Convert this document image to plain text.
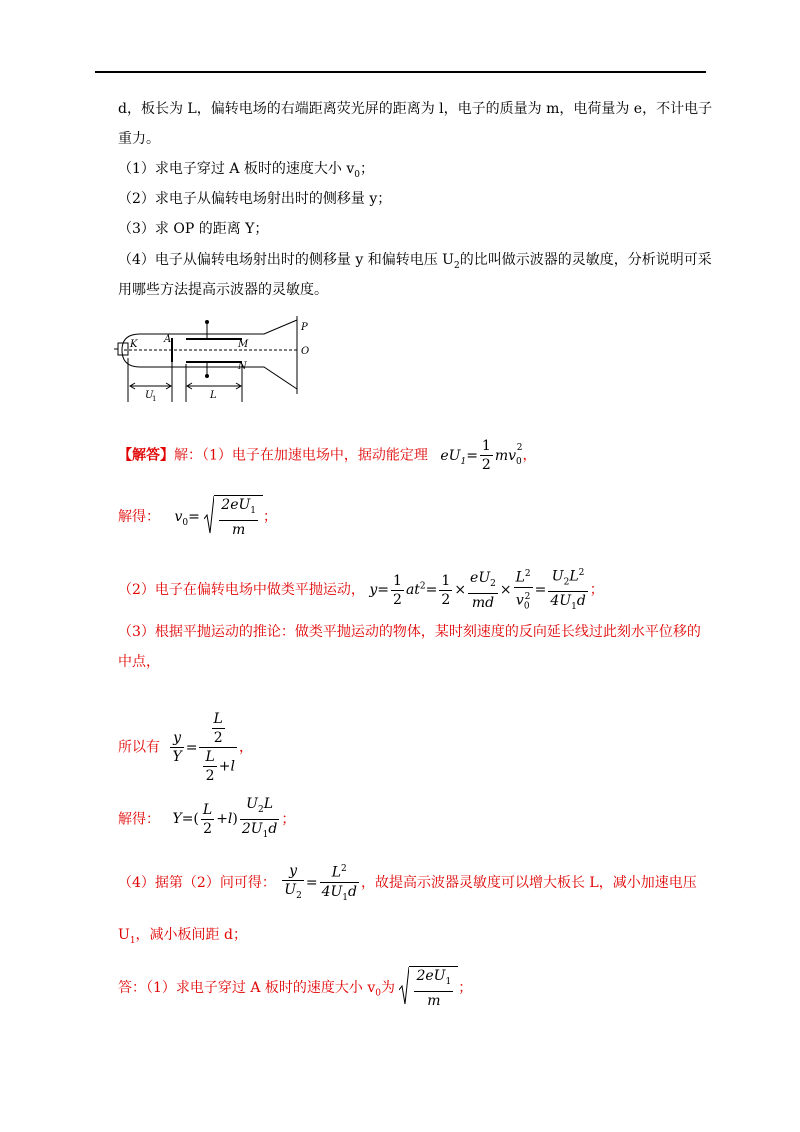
d，板长为 L，偏转电场的右端距离荧光屏的距离为 l，电子的质量为 m，电荷量为 e，不计电子
重力。
（1）求电子穿过 A 板时的速度大小 $v_0$；
（2）求电子从偏转电场射出时的侧移量 y；
（3）求 OP 的距离 Y；
（4）电子从偏转电场射出时的侧移量 y 和偏转电压 $U_2$的比叫做示波器的灵敏度，分析说明可采
用哪些方法提高示波器的灵敏度。
K	A	M
N
P
O
U
1	L
【解答】解：（1）电子在加速电场中，据动能定理 $eU_1= \frac{1}{2} mv_0^2$，
解得： $v_0= \frac{2eU_1}{m}$ ；
（2）电子在偏转电场中做类平抛运动， $y= \frac{1}{2} at^2= \frac{1}{2} \times \frac{eU_2}{md} \times \frac{L^2}{v_0^2} = \frac{U_2L^2}{4U_1d}$ ；
（3）根据平抛运动的推论：做类平抛运动的物体，某时刻速度的反向延长线过此刻水平位移的
中点，
所以有 $\frac{y}{Y} = \frac{\frac{L}{2}}{\frac{L}{2} +l}$ ，
解得： $Y=( \frac{L}{2} +l) \frac{U_2L}{2U_1d}$ ；
（4）据第（2）问可得： $\frac{y}{U_2} = \frac{L^2}{4U_1d}$ ，故提高示波器灵敏度可以增大板长 L，减小加速电压
$U_1$，减小板间距 d；
答：（1）求电子穿过 A 板时的速度大小 $v_0$为 $\frac{2eU_1}{m}$ ；
